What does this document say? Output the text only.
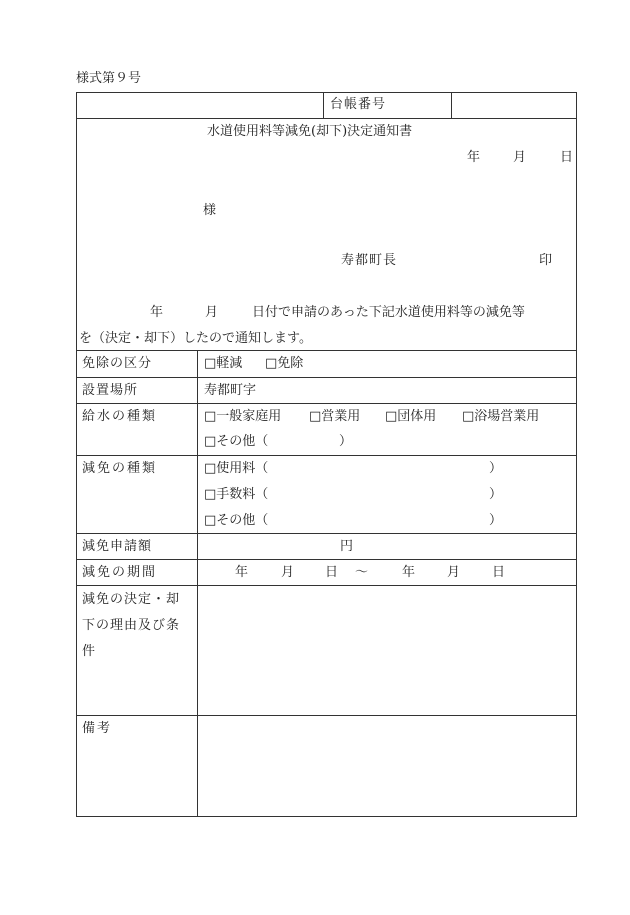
様式第９号
台帳番号
水道使用料等減免(却下)決定通知書
年	月	日
様
寿都町長	印
年	月	日付で申請のあった下記水道使用料等の減免等
を（決定・却下）したので通知します。
免除の区分	□軽減 □免除
設置場所	寿都町字
給水の種類	□一般家庭用 □営業用 □団体用 □浴場営業用
□その他（	）
減免の種類	□使用料（	）
□手数料（	）
□その他（	）
減免申請額	円
減免の期間	年	月 日 ～	年 月 日
減免の決定・却
下の理由及び条
件
備考
